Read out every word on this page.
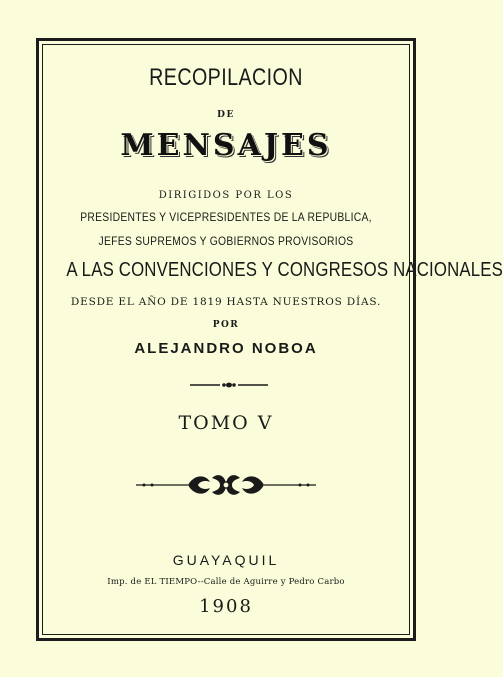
RECOPILACION
DE
MENSAJES
DIRIGIDOS POR LOS
PRESIDENTES Y VICEPRESIDENTES DE LA REPUBLICA,
JEFES SUPREMOS Y GOBIERNOS PROVISORIOS
A LAS CONVENCIONES Y CONGRESOS NACIONALES
DESDE EL AÑO DE 1819 HASTA NUESTROS DÍAS.
POR
ALEJANDRO NOBOA
TOMO V
GUAYAQUIL
Imp. de EL TIEMPO--Calle de Aguirre y Pedro Carbo
1908
